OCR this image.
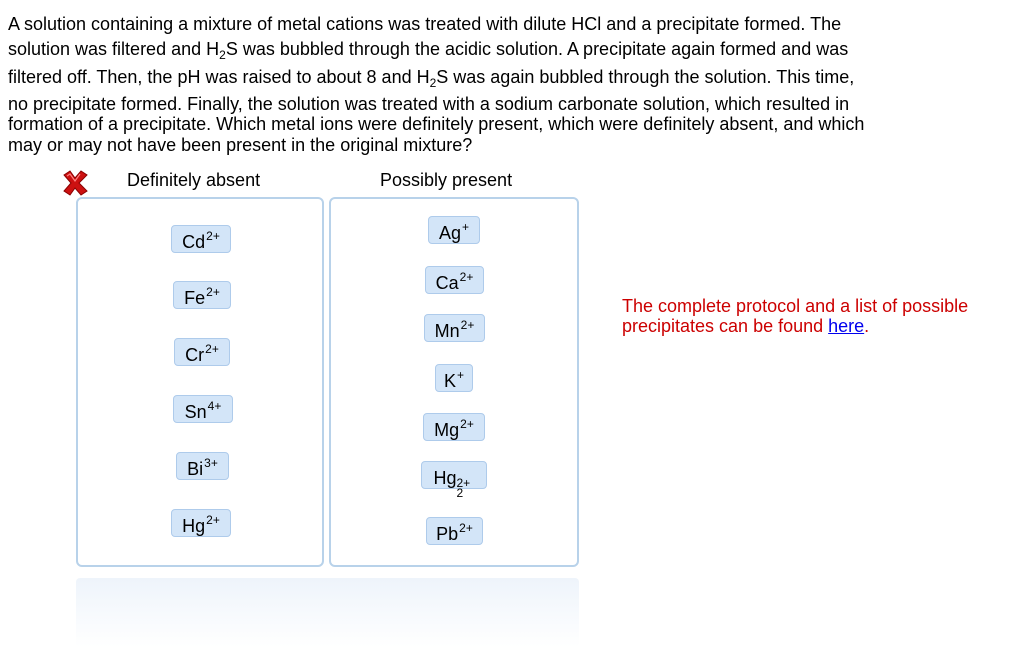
A solution containing a mixture of metal cations was treated with dilute HCl and a precipitate formed. The
solution was filtered and $H_2S$ was bubbled through the acidic solution. A precipitate again formed and was
filtered off. Then, the pH was raised to about 8 and $H_2S$ was again bubbled through the solution. This time,
no precipitate formed. Finally, the solution was treated with a sodium carbonate solution, which resulted in
formation of a precipitate. Which metal ions were definitely present, which were definitely absent, and which
may or may not have been present in the original mixture?
Definitely absent	Possibly present
$Cd^{2+}$
$Fe^{2+}$
$Cr^{2+}$
$Sn^{4+}$
$Bi^{3+}$
$Hg^{2+}$
Ag+
$Ca^{2+}$
$Mn^{2+}$
K+
$Mg^{2+}$
Hg 2+
2
$Pb^{2+}$
The complete protocol and a list of possible
precipitates can be found here.
